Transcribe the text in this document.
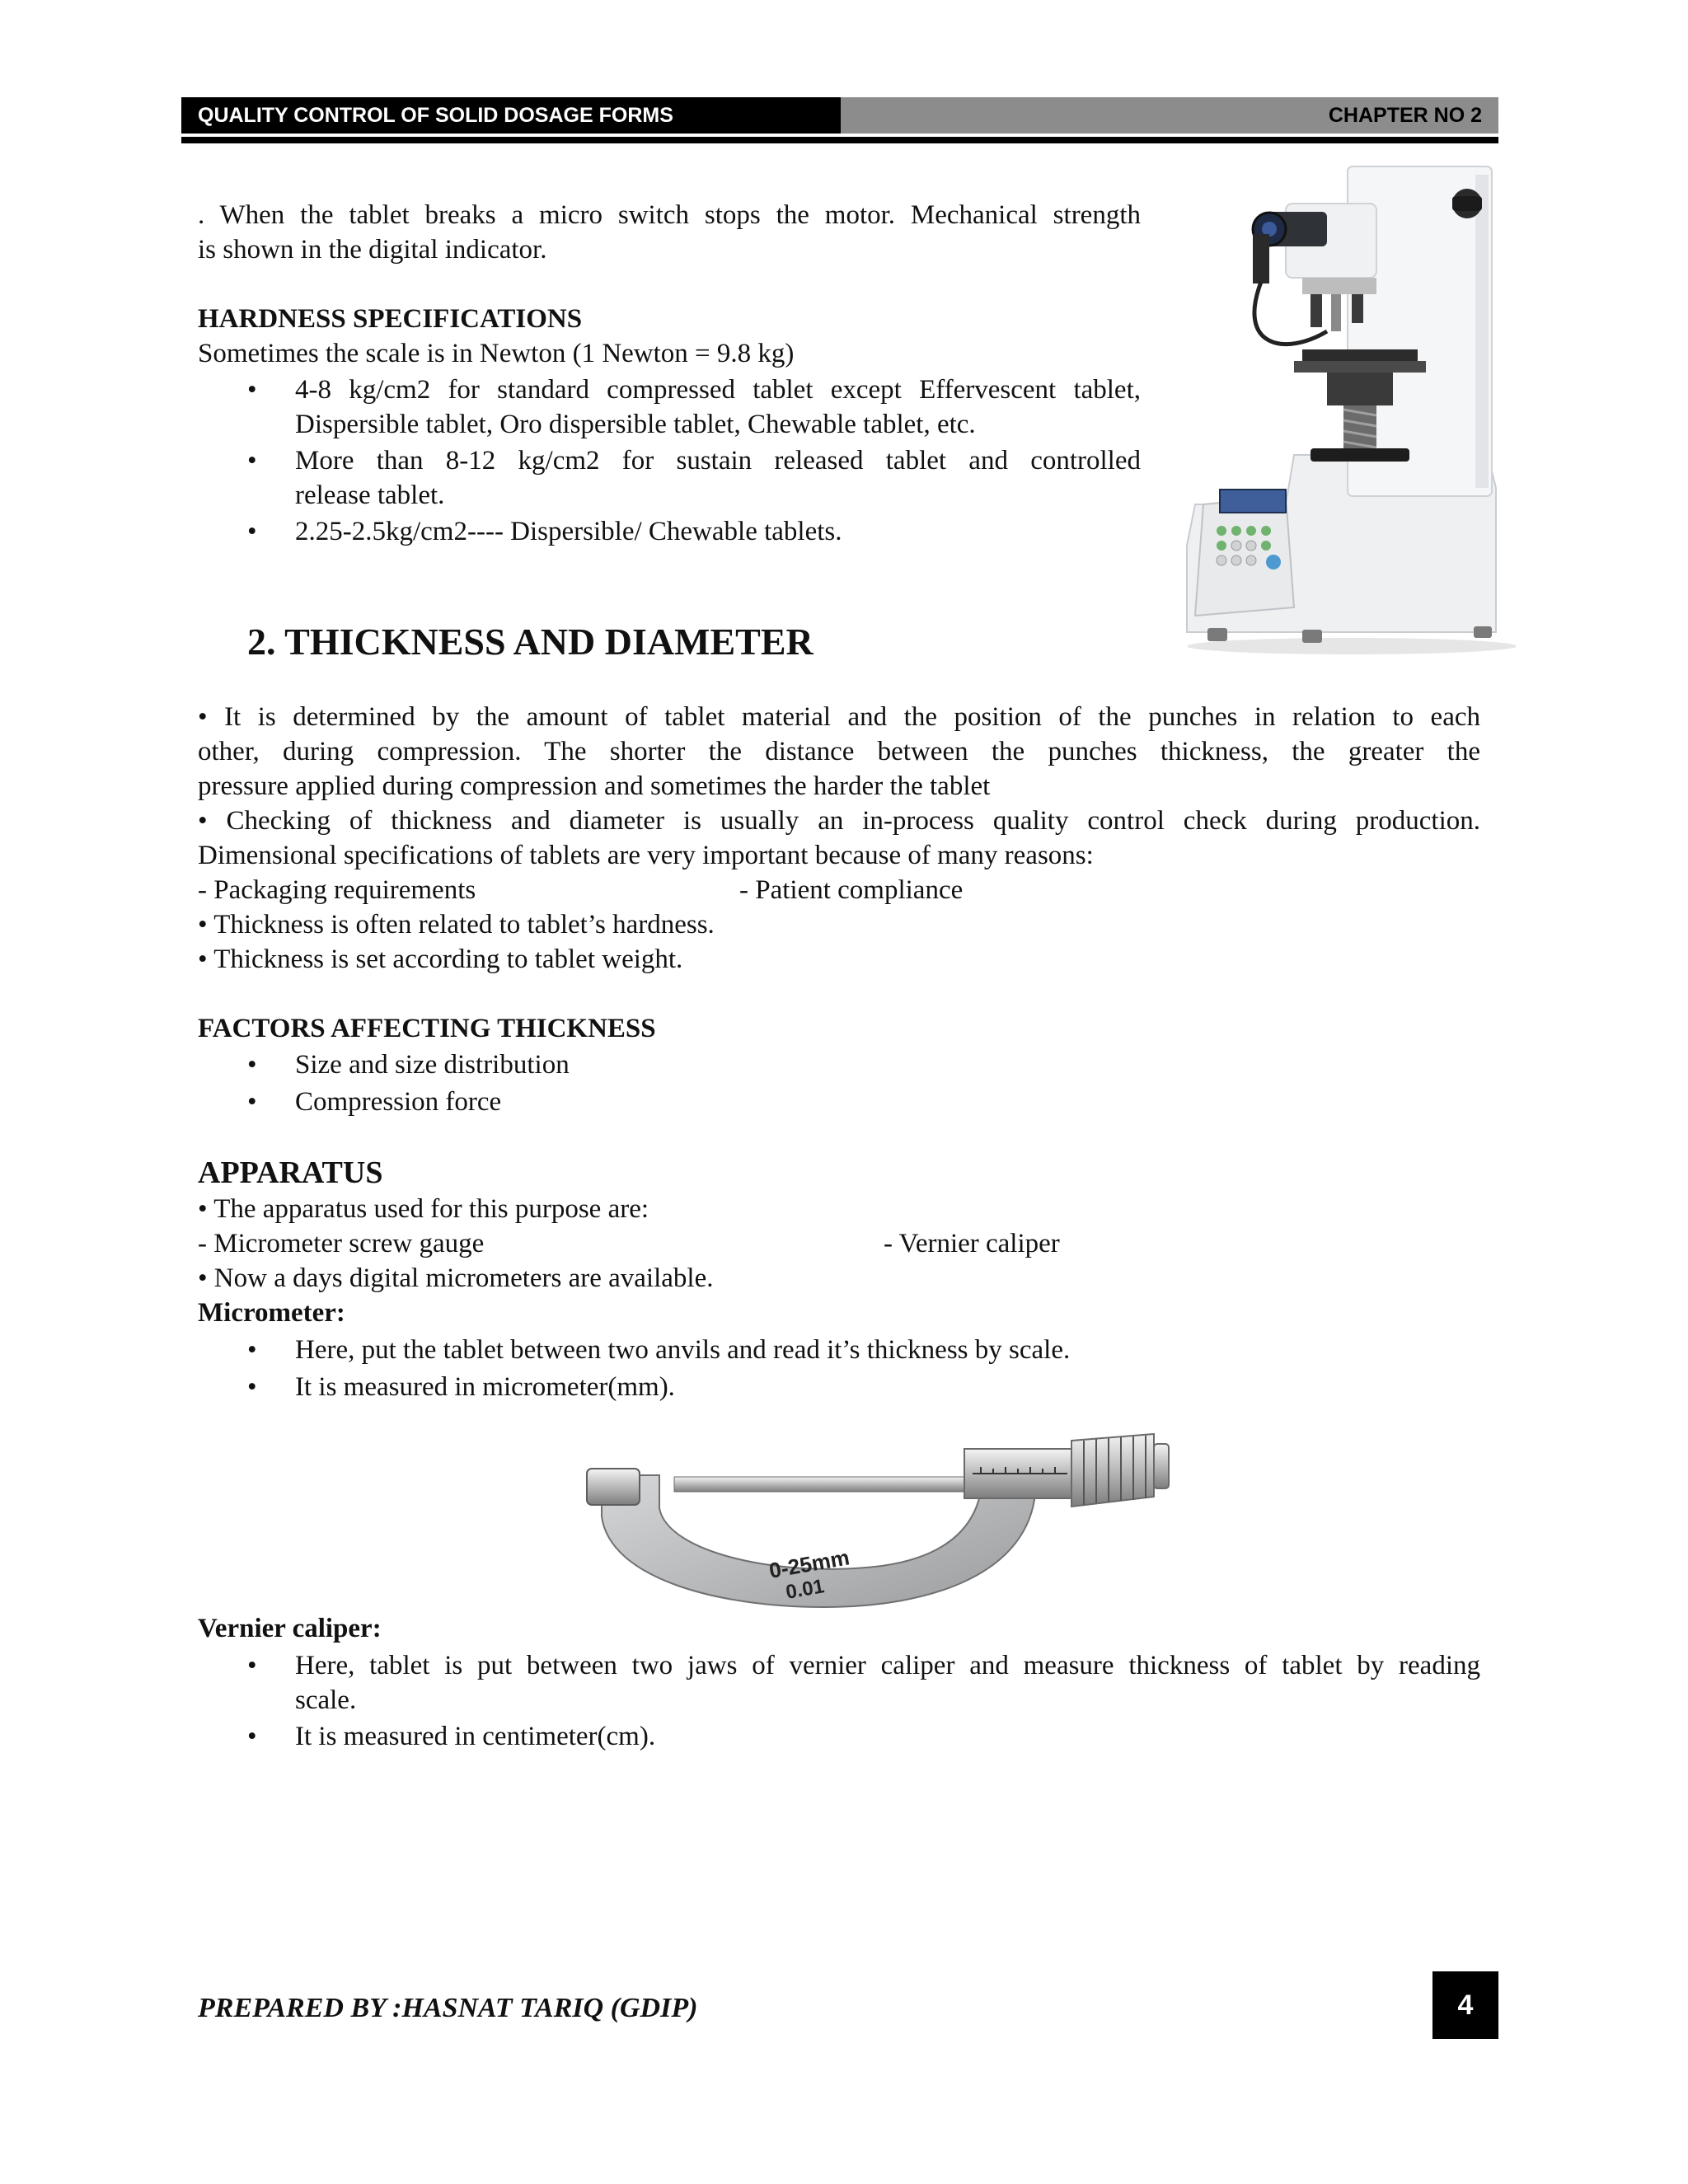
QUALITY CONTROL OF SOLID DOSAGE FORMS	CHAPTER NO 2
. When the tablet breaks a micro switch stops the motor. Mechanical strength
is shown in the digital indicator.
HARDNESS SPECIFICATIONS
Sometimes the scale is in Newton (1 Newton = 9.8 kg)
• 4-8 kg/cm2 for standard compressed tablet except Effervescent tablet,
Dispersible tablet, Oro dispersible tablet, Chewable tablet, etc.
• More than 8-12 kg/cm2 for sustain released tablet and controlled
release tablet.
• 2.25-2.5kg/cm2---- Dispersible/ Chewable tablets.
2. THICKNESS AND DIAMETER
• It is determined by the amount of tablet material and the position of the punches in relation to each
other, during compression. The shorter the distance between the punches thickness, the greater the
pressure applied during compression and sometimes the harder the tablet
• Checking of thickness and diameter is usually an in-process quality control check during production.
Dimensional specifications of tablets are very important because of many reasons:
- Packaging requirements	- Patient compliance
• Thickness is often related to tablet’s hardness.
• Thickness is set according to tablet weight.
FACTORS AFFECTING THICKNESS
• Size and size distribution
• Compression force
APPARATUS
• The apparatus used for this purpose are:
- Micrometer screw gauge	- Vernier caliper
• Now a days digital micrometers are available.
Micrometer:
• Here, put the tablet between two anvils and read it’s thickness by scale.
• It is measured in micrometer(mm).
0-25mm
0.01
Vernier caliper:
• Here, tablet is put between two jaws of vernier caliper and measure thickness of tablet by reading
scale.
• It is measured in centimeter(cm).
PREPARED BY :HASNAT TARIQ (GDIP)	4
